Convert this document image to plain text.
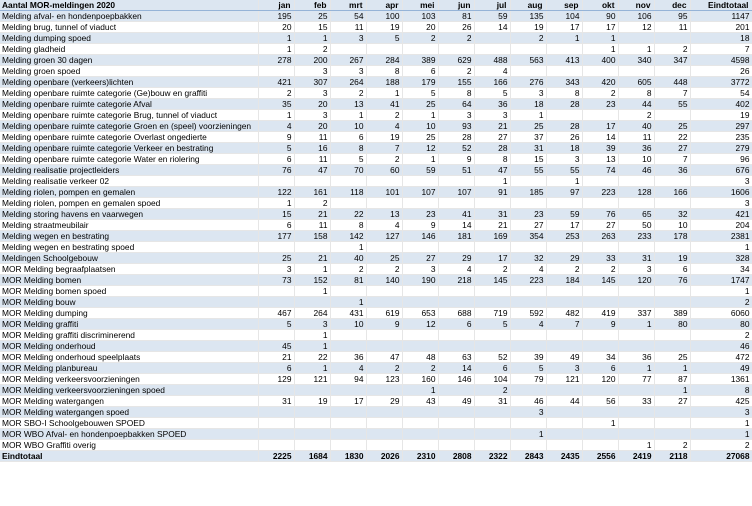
Aantal MOR-meldingen 2020	jan	feb	mrt	apr	mei	jun	jul	aug	sep	okt	nov	dec	Eindtotaal
Melding afval- en hondenpoepbakken	195	25	54	100	103	81	59	135	104	90	106	95	1147
Melding brug, tunnel of viaduct	20	15	11	19	20	26	14	19	17	17	12	11	201
Melding dumping spoed	1	1	3	5	2	2		2	1	1			18
Melding gladheid	1	2								1	1	2	7
Melding groen 30 dagen	278	200	267	284	389	629	488	563	413	400	340	347	4598
Melding groen spoed		3	3	8	6	2	4						26
Melding openbare (verkeers)lichten	421	307	264	188	179	155	166	276	343	420	605	448	3772
Melding openbare ruimte categorie (Ge)bouw en graffiti	2	3	2	1	5	8	5	3	8	2	8	7	54
Melding openbare ruimte categorie Afval	35	20	13	41	25	64	36	18	28	23	44	55	402
Melding openbare ruimte categorie Brug, tunnel of viaduct	1	3	1	2	1	3	3	1			2		19
Melding openbare ruimte categorie Groen en (speel) voorzieningen	4	20	10	4	10	93	21	25	28	17	40	25	297
Melding openbare ruimte categorie Overlast ongedierte	9	11	6	19	25	28	27	37	26	14	11	22	235
Melding openbare ruimte categorie Verkeer en bestrating	5	16	8	7	12	52	28	31	18	39	36	27	279
Melding openbare ruimte categorie Water en riolering	6	11	5	2	1	9	8	15	3	13	10	7	96
Melding realisatie projectleiders	76	47	70	60	59	51	47	55	55	74	46	36	676
Melding realisatie verkeer 02							1		1				3
Melding riolen, pompen en gemalen	122	161	118	101	107	107	91	185	97	223	128	166	1606
Melding riolen, pompen en gemalen spoed	1	2											3
Melding storing havens en vaarwegen	15	21	22	13	23	41	31	23	59	76	65	32	421
Melding straatmeubilair	6	11	8	4	9	14	21	27	17	27	50	10	204
Melding wegen en bestrating	177	158	142	127	146	181	169	354	253	263	233	178	2381
Melding wegen en bestrating spoed			1										1
Meldingen Schoolgebouw	25	21	40	25	27	29	17	32	29	33	31	19	328
MOR Melding begraafplaatsen	3	1	2	2	3	4	2	4	2	2	3	6	34
MOR Melding bomen	73	152	81	140	190	218	145	223	184	145	120	76	1747
MOR Melding bomen spoed		1											1
MOR Melding bouw			1										2
MOR Melding dumping	467	264	431	619	653	688	719	592	482	419	337	389	6060
MOR Melding graffiti	5	3	10	9	12	6	5	4	7	9	1	80	80
MOR Melding graffiti discriminerend		1											2
MOR Melding onderhoud	45	1											46
MOR Melding onderhoud speelplaats	21	22	36	47	48	63	52	39	49	34	36	25	472
MOR Melding planbureau	6	1	4	2	2	14	6	5	3	6	1	1	49
MOR Melding verkeersvoorzieningen	129	121	94	123	160	146	104	79	121	120	77	87	1361
MOR Melding verkeersvoorzieningen spoed					1		2					1	8
MOR Melding watergangen	31	19	17	29	43	49	31	46	44	56	33	27	425
MOR Melding watergangen spoed								3					3
MOR SBO-I Schoolgebouwen SPOED										1			1
MOR WBO Afval- en hondenpoepbakken SPOED								1					1
MOR WBO Graffiti overig											1	2	2
Eindtotaal	2225	1684	1830	2026	2310	2808	2322	2843	2435	2556	2419	2118	27068
